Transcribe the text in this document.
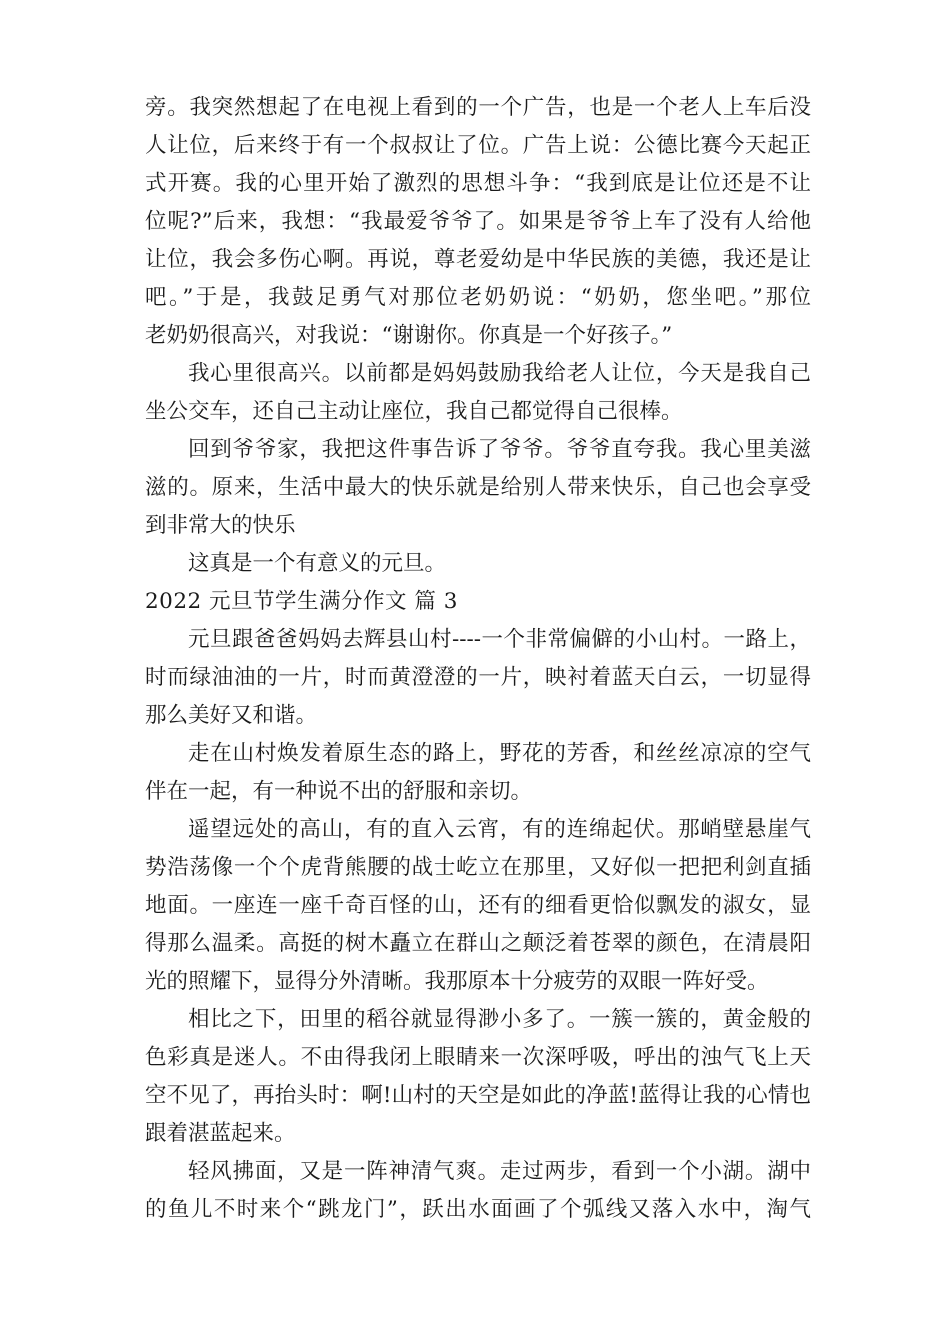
旁。我突然想起了在电视上看到的一个广告，也是一个老人上车后没
人让位，后来终于有一个叔叔让了位。广告上说：公德比赛今天起正
式开赛。我的心里开始了激烈的思想斗争：“我到底是让位还是不让
位呢?”后来，我想：“我最爱爷爷了。如果是爷爷上车了没有人给他
让位，我会多伤心啊。再说，尊老爱幼是中华民族的美德，我还是让
吧。”于是，我鼓足勇气对那位老奶奶说：“奶奶，您坐吧。”那位
老奶奶很高兴，对我说：“谢谢你。你真是一个好孩子。”
我心里很高兴。以前都是妈妈鼓励我给老人让位，今天是我自己
坐公交车，还自己主动让座位，我自己都觉得自己很棒。
回到爷爷家，我把这件事告诉了爷爷。爷爷直夸我。我心里美滋
滋的。原来，生活中最大的快乐就是给别人带来快乐，自己也会享受
到非常大的快乐
这真是一个有意义的元旦。
2022 元旦节学生满分作文 篇 3
元旦跟爸爸妈妈去辉县山村----一个非常偏僻的小山村。一路上，
时而绿油油的一片，时而黄澄澄的一片，映衬着蓝天白云，一切显得
那么美好又和谐。
走在山村焕发着原生态的路上，野花的芳香，和丝丝凉凉的空气
伴在一起，有一种说不出的舒服和亲切。
遥望远处的高山，有的直入云宵，有的连绵起伏。那峭壁悬崖气
势浩荡像一个个虎背熊腰的战士屹立在那里，又好似一把把利剑直插
地面。一座连一座千奇百怪的山，还有的细看更恰似飘发的淑女，显
得那么温柔。高挺的树木矗立在群山之颠泛着苍翠的颜色，在清晨阳
光的照耀下，显得分外清晰。我那原本十分疲劳的双眼一阵好受。
相比之下，田里的稻谷就显得渺小多了。一簇一簇的，黄金般的
色彩真是迷人。不由得我闭上眼睛来一次深呼吸，呼出的浊气飞上天
空不见了，再抬头时：啊!山村的天空是如此的净蓝!蓝得让我的心情也
跟着湛蓝起来。
轻风拂面，又是一阵神清气爽。走过两步，看到一个小湖。湖中
的鱼儿不时来个“跳龙门”，跃出水面画了个弧线又落入水中，淘气
